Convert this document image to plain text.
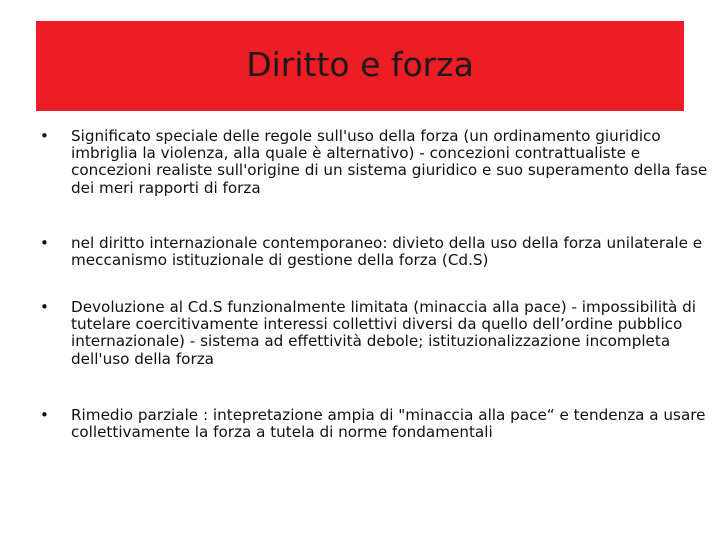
Diritto e forza
• Significato speciale delle regole sull'uso della forza (un ordinamento giuridico imbriglia la violenza, alla quale è alternativo) - concezioni contrattualiste e concezioni realiste sull'origine di un sistema giuridico e suo superamento della fase dei meri rapporti di forza
• nel diritto internazionale contemporaneo: divieto della uso della forza unilaterale e meccanismo istituzionale di gestione della forza (Cd.S)
• Devoluzione al Cd.S funzionalmente limitata (minaccia alla pace) - impossibilità di tutelare coercitivamente interessi collettivi diversi da quello dell’ordine pubblico internazionale) - sistema ad effettività debole; istituzionalizzazione incompleta dell'uso della forza
• Rimedio parziale : intepretazione ampia di "minaccia alla pace“ e tendenza a usare collettivamente la forza a tutela di norme fondamentali
